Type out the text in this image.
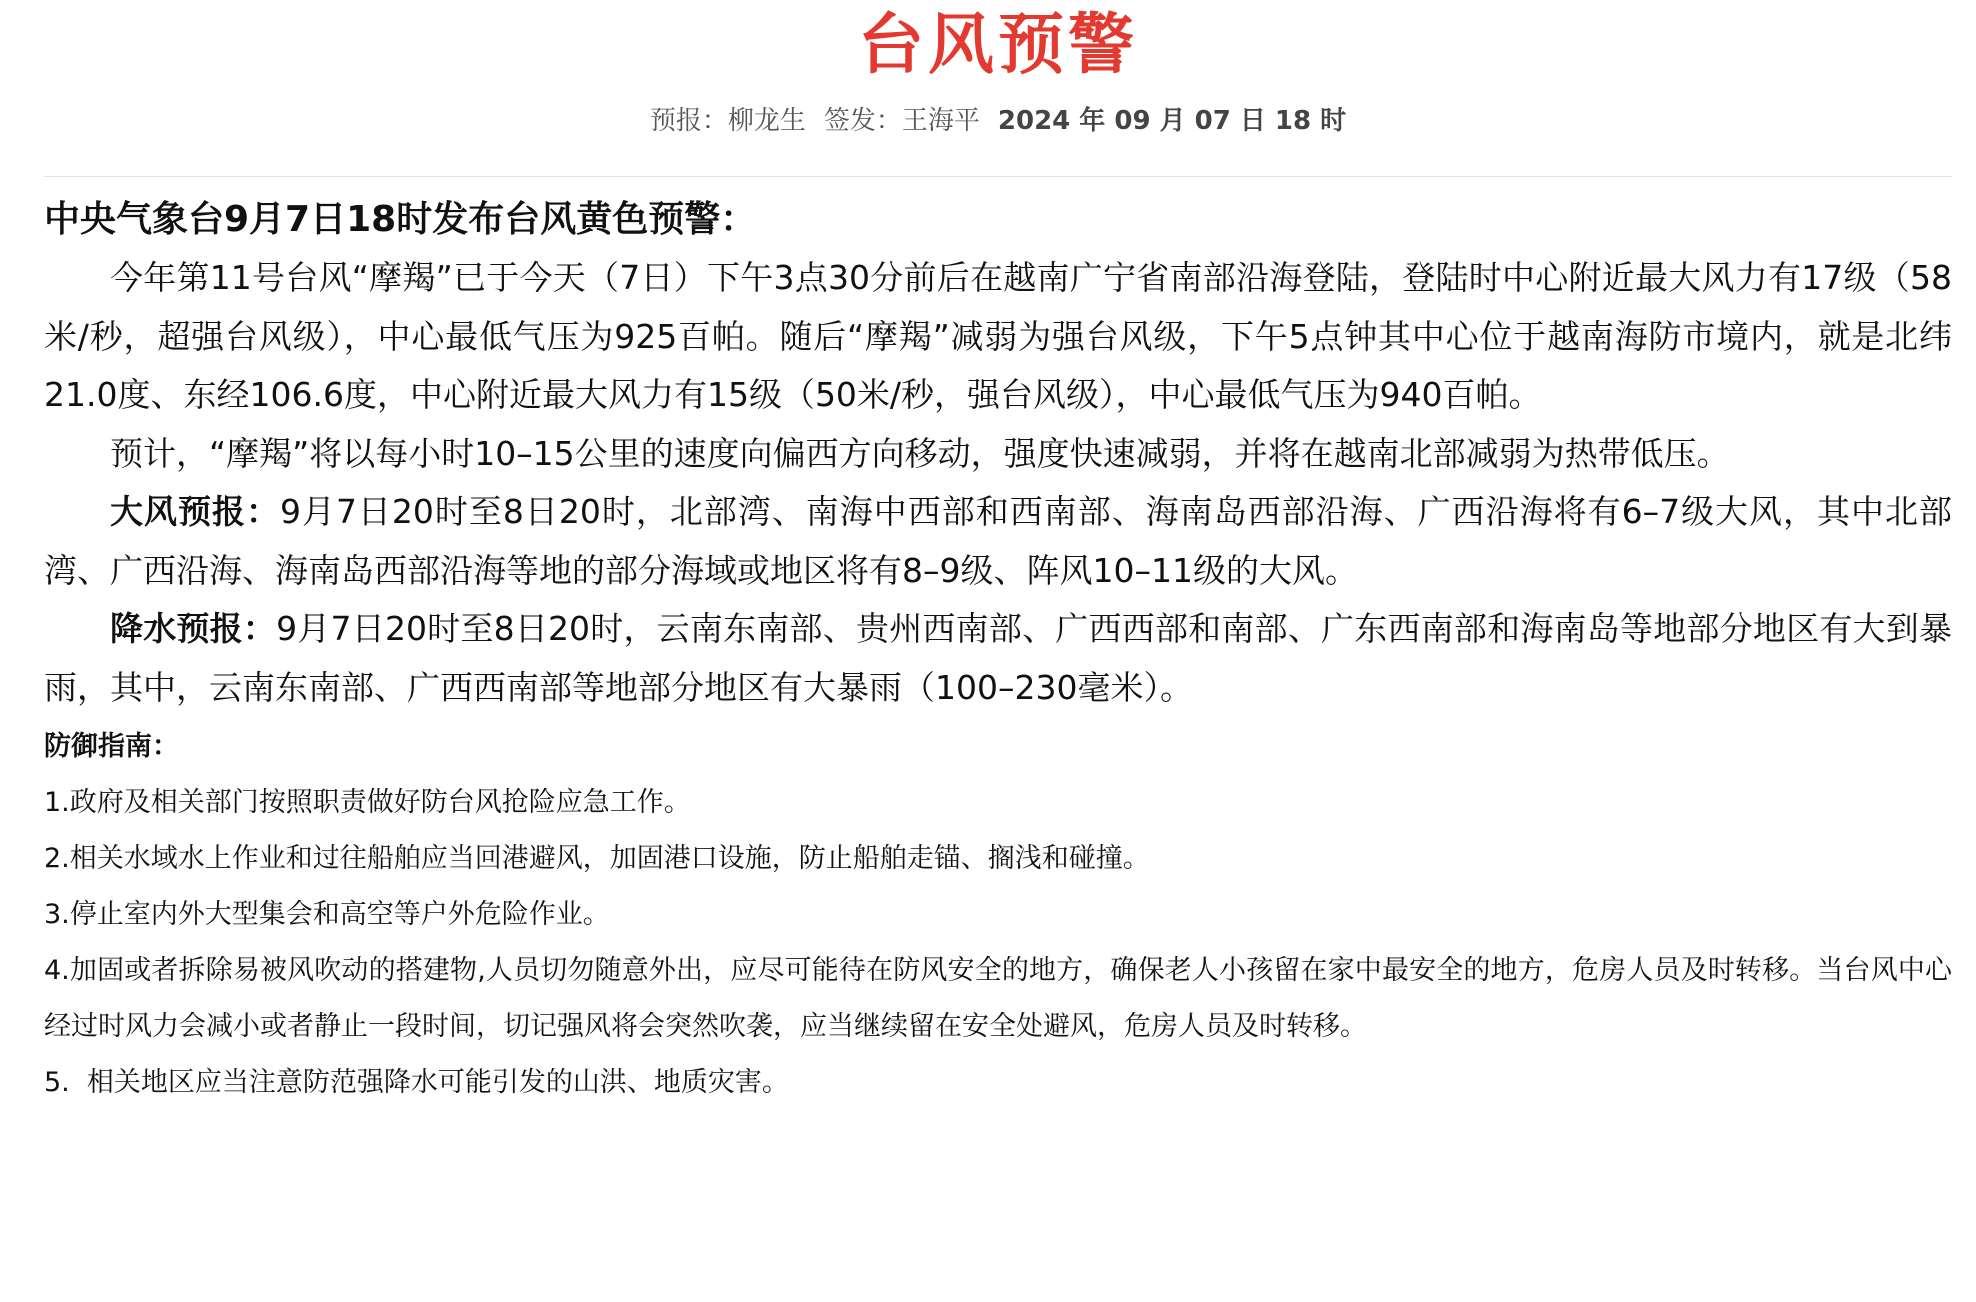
台风预警
预报：柳龙生 签发：王海平 2024 年 09 月 07 日 18 时
中央气象台9月7日18时发布台风黄色预警：

今年第11号台风“摩羯”已于今天（7日）下午3点30分前后在越南广宁省南部沿海登陆，登陆时中心附近最大风力有17级（58米/秒，超强台风级），中心最低气压为925百帕。随后“摩羯”减弱为强台风级，下午5点钟其中心位于越南海防市境内，就是北纬21.0度、东经106.6度，中心附近最大风力有15级（50米/秒，强台风级），中心最低气压为940百帕。

预计，“摩羯”将以每小时10–15公里的速度向偏西方向移动，强度快速减弱，并将在越南北部减弱为热带低压。

大风预报：9月7日20时至8日20时，北部湾、南海中西部和西南部、海南岛西部沿海、广西沿海将有6–7级大风，其中北部湾、广西沿海、海南岛西部沿海等地的部分海域或地区将有8–9级、阵风10–11级的大风。

降水预报：9月7日20时至8日20时，云南东南部、贵州西南部、广西西部和南部、广东西南部和海南岛等地部分地区有大到暴雨，其中，云南东南部、广西西南部等地部分地区有大暴雨（100–230毫米）。

防御指南：
1.政府及相关部门按照职责做好防台风抢险应急工作。
2.相关水域水上作业和过往船舶应当回港避风，加固港口设施，防止船舶走锚、搁浅和碰撞。
3.停止室内外大型集会和高空等户外危险作业。
4.加固或者拆除易被风吹动的搭建物,人员切勿随意外出，应尽可能待在防风安全的地方，确保老人小孩留在家中最安全的地方，危房人员及时转移。当台风中心经过时风力会减小或者静止一段时间，切记强风将会突然吹袭，应当继续留在安全处避风，危房人员及时转移。
5.  相关地区应当注意防范强降水可能引发的山洪、地质灾害。
